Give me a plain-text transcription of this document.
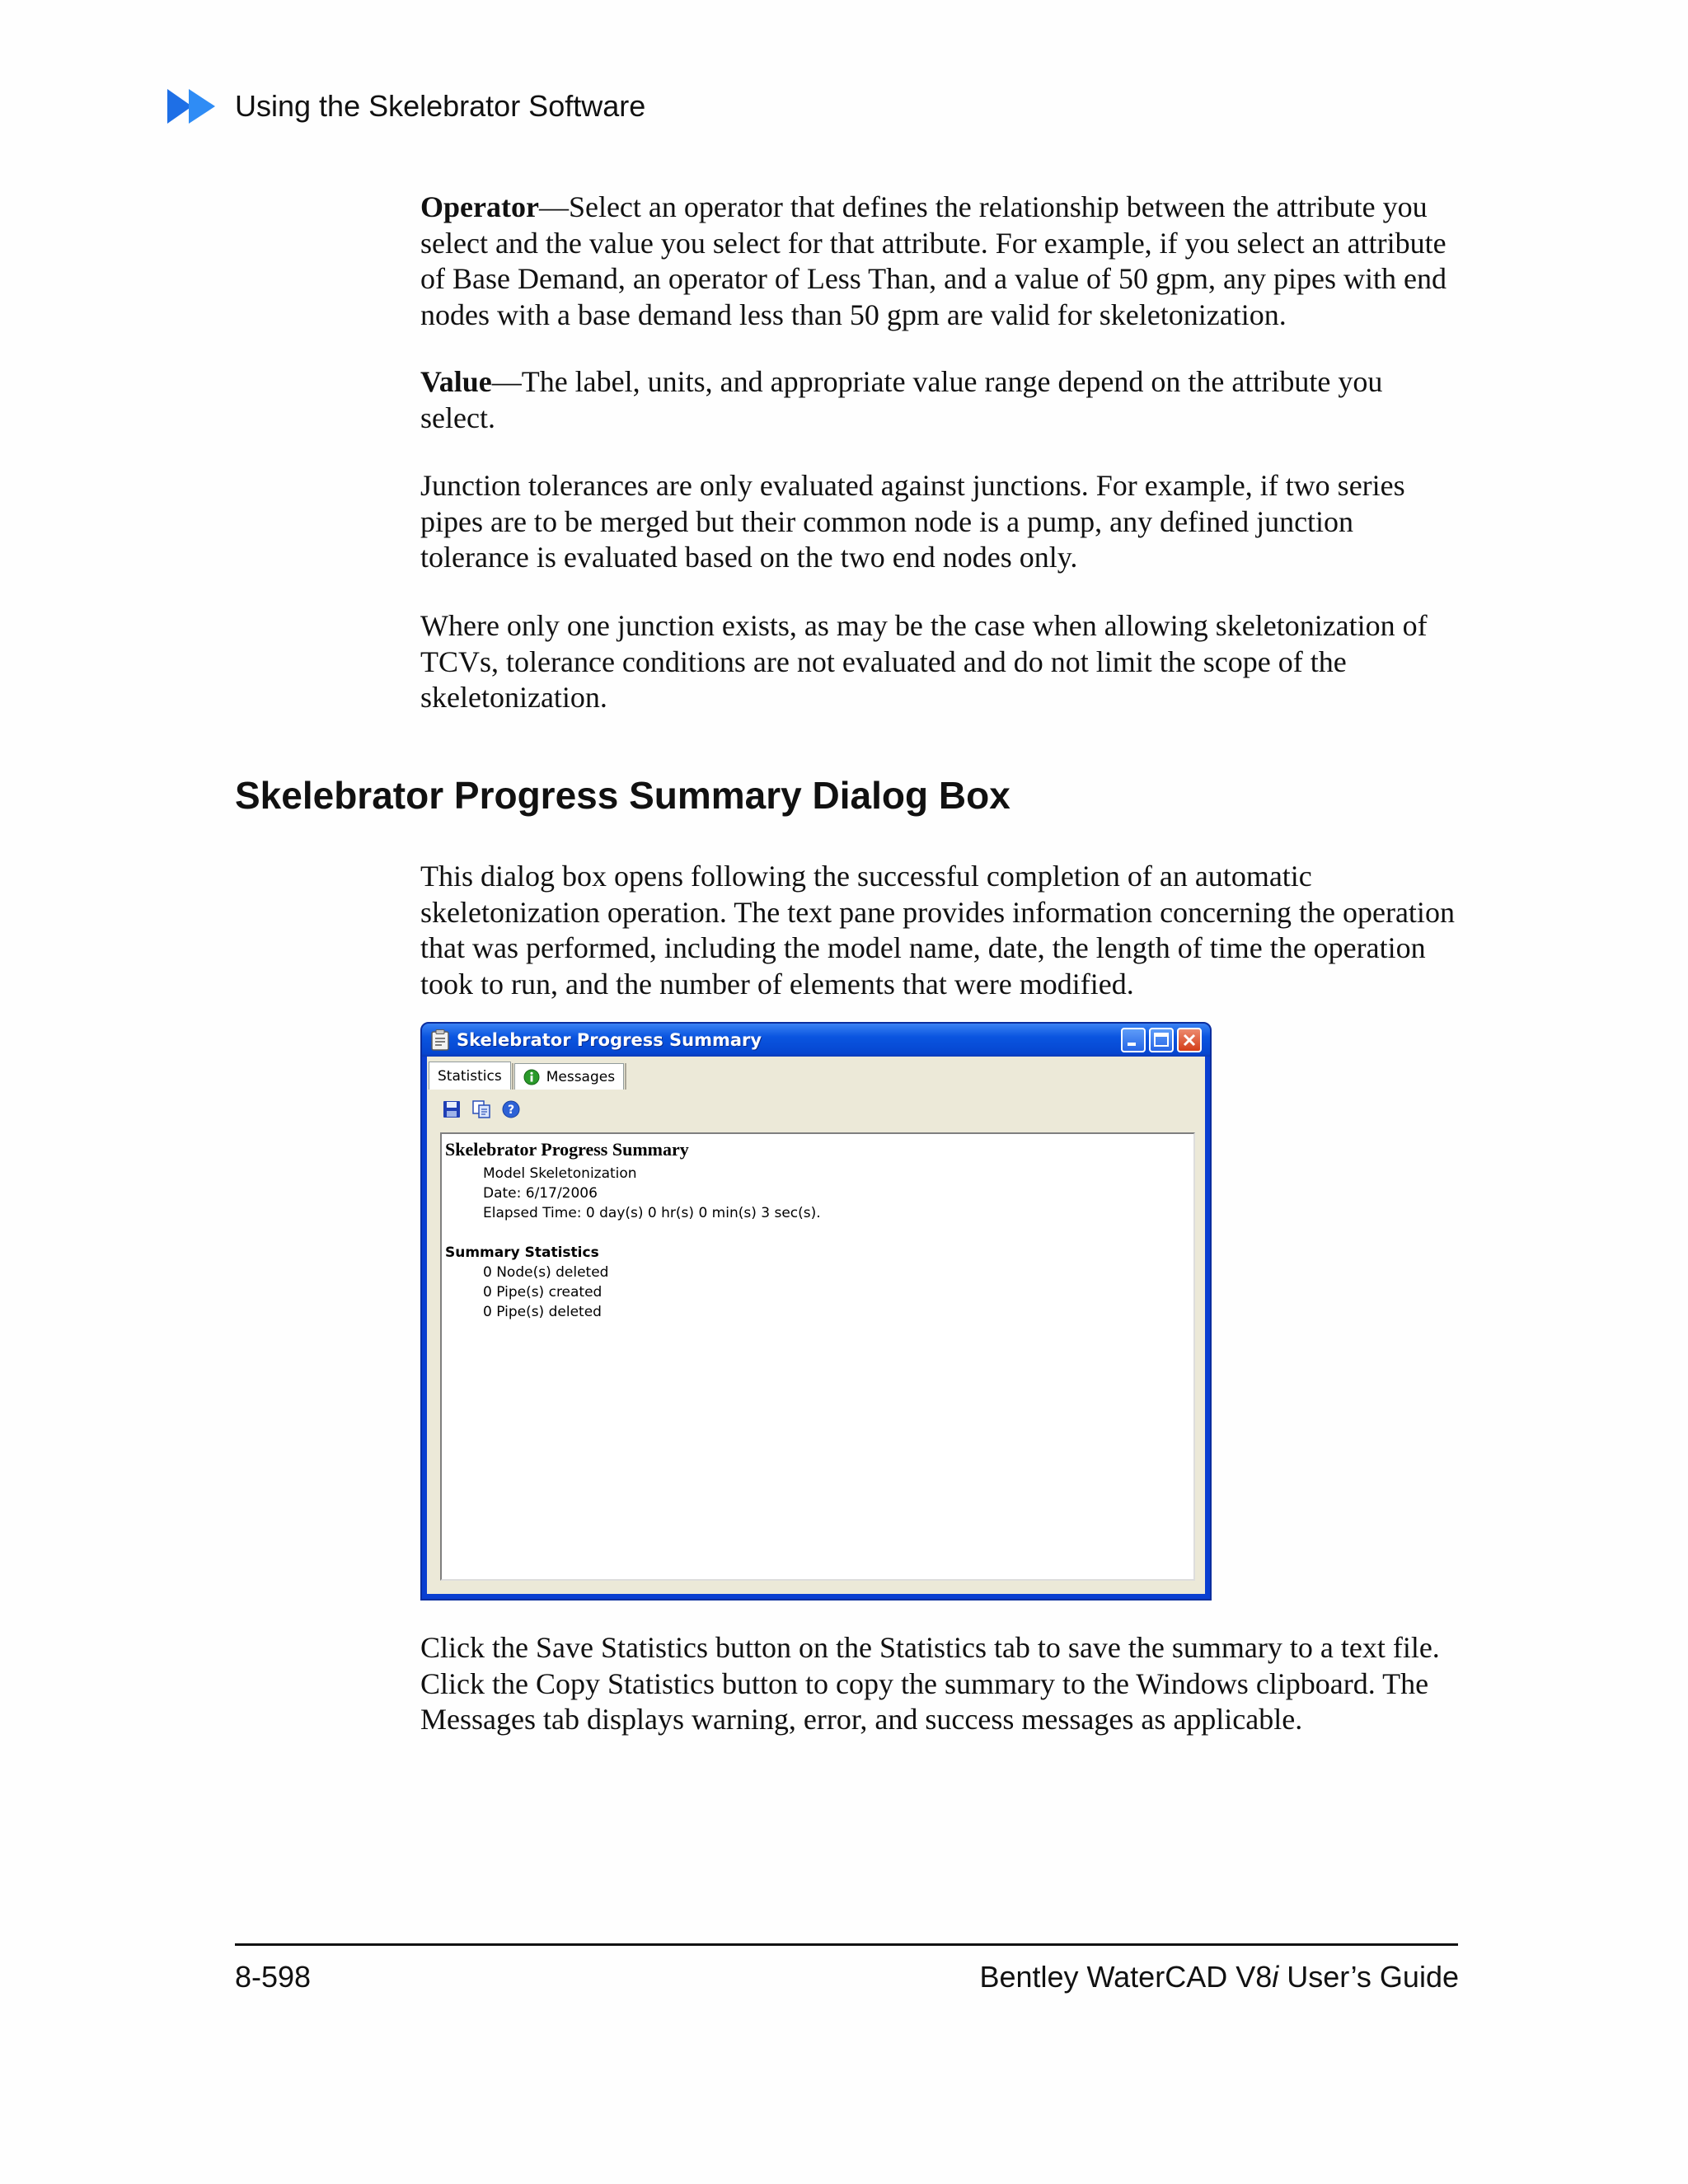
Using the Skelebrator Software

Operator—Select an operator that defines the relationship between the attribute you select and the value you select for that attribute. For example, if you select an attribute of Base Demand, an operator of Less Than, and a value of 50 gpm, any pipes with end nodes with a base demand less than 50 gpm are valid for skeletonization.

Value—The label, units, and appropriate value range depend on the attribute you select.

Junction tolerances are only evaluated against junctions. For example, if two series pipes are to be merged but their common node is a pump, any defined junction tolerance is evaluated based on the two end nodes only.

Where only one junction exists, as may be the case when allowing skeletonization of TCVs, tolerance conditions are not evaluated and do not limit the scope of the skeletonization.

Skelebrator Progress Summary Dialog Box

This dialog box opens following the successful completion of an automatic skeletonization operation. The text pane provides information concerning the operation that was performed, including the model name, date, the length of time the operation took to run, and the number of elements that were modified.

Skelebrator Progress Summary
Statistics	Messages
?
Skelebrator Progress Summary
Model Skeletonization
Date: 6/17/2006
Elapsed Time: 0 day(s) 0 hr(s) 0 min(s) 3 sec(s).
Summary Statistics
0 Node(s) deleted
0 Pipe(s) created
0 Pipe(s) deleted

Click the Save Statistics button on the Statistics tab to save the summary to a text file. Click the Copy Statistics button to copy the summary to the Windows clipboard. The Messages tab displays warning, error, and success messages as applicable.

8-598	Bentley WaterCAD V8i User’s Guide
